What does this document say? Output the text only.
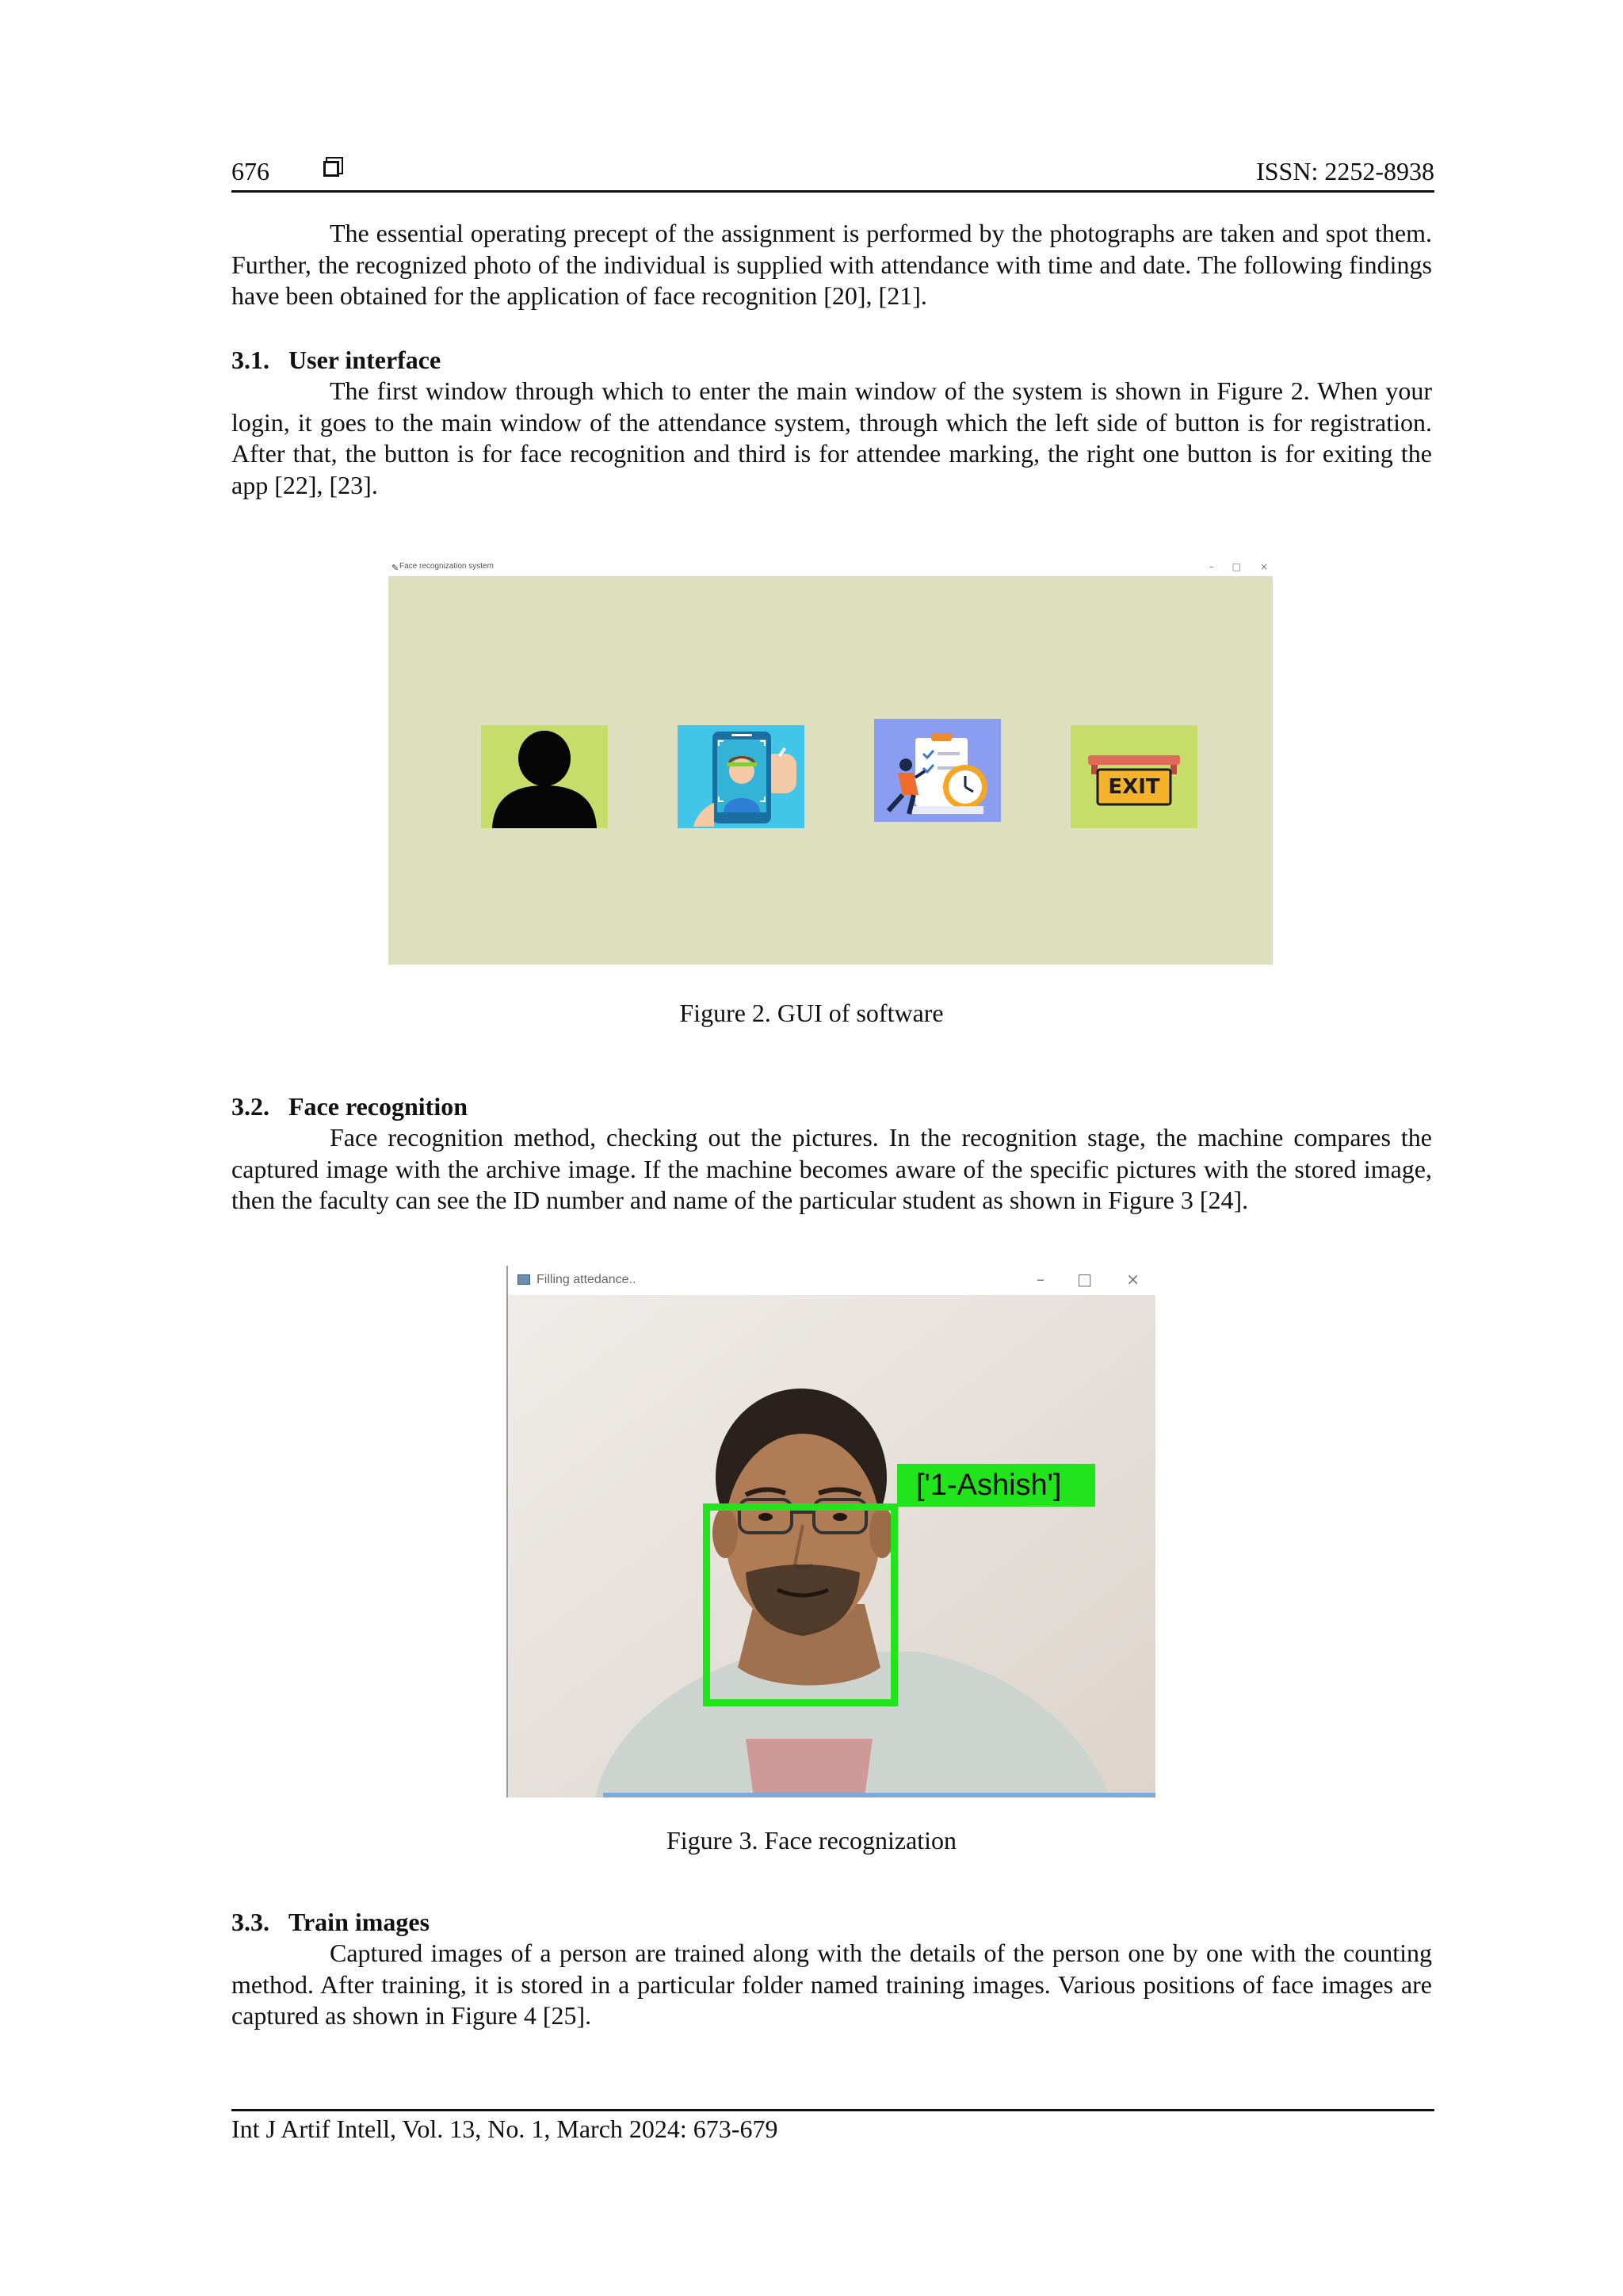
676	ISSN: 2252-8938
The essential operating precept of the assignment is performed by the photographs are taken and spot them. Further, the recognized photo of the individual is supplied with attendance with time and date. The following findings have been obtained for the application of face recognition [20], [21].
3.1. User interface
The first window through which to enter the main window of the system is shown in Figure 2. When your login, it goes to the main window of the attendance system, through which the left side of button is for registration. After that, the button is for face recognition and third is for attendee marking, the right one button is for exiting the app [22], [23].
✎ Face recognization system	– □ ×
EXIT
Figure 2. GUI of software
3.2. Face recognition
Face recognition method, checking out the pictures. In the recognition stage, the machine compares the captured image with the archive image. If the machine becomes aware of the specific pictures with the stored image, then the faculty can see the ID number and name of the particular student as shown in Figure 3 [24].
Filling attedance..	– □ ×
['1-Ashish']
Figure 3. Face recognization
3.3. Train images
Captured images of a person are trained along with the details of the person one by one with the counting method. After training, it is stored in a particular folder named training images. Various positions of face images are captured as shown in Figure 4 [25].
Int J Artif Intell, Vol. 13, No. 1, March 2024: 673-679
